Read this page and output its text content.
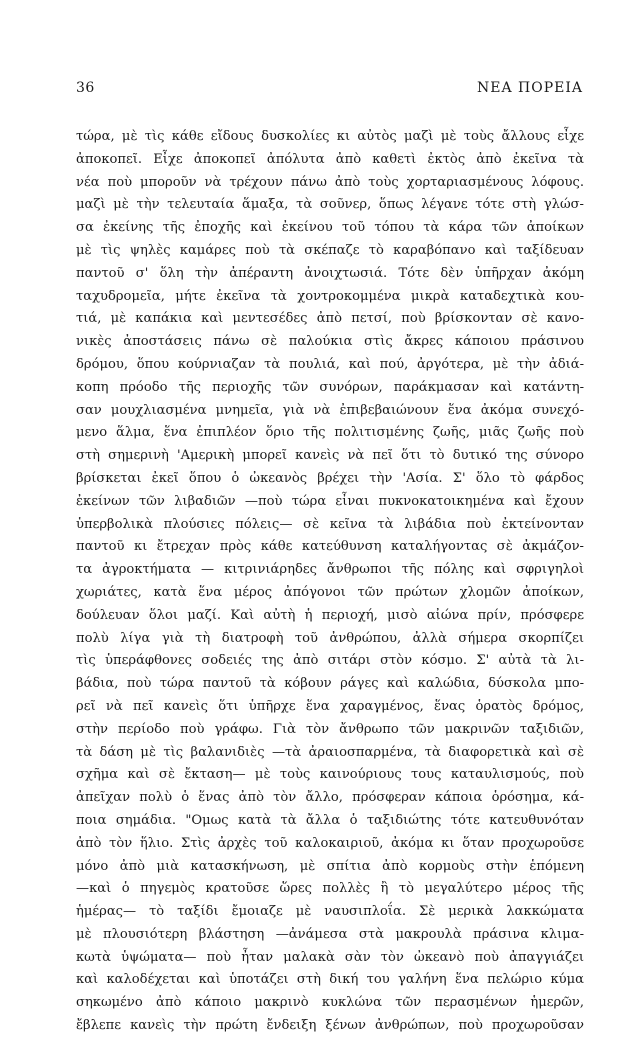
36	ΝΕΑ ΠΟΡΕΙΑ
τώρα, μὲ τὶς κάθε εἴδους δυσκολίες κι αὐτὸς μαζὶ μὲ τοὺς ἄλλους εἶχε
ἀποκοπεῖ. Εἶχε ἀποκοπεῖ ἀπόλυτα ἀπὸ καθετὶ ἐκτὸς ἀπὸ ἐκεῖνα τὰ
νέα ποὺ μποροῦν νὰ τρέχουν πάνω ἀπὸ τοὺς χορταριασμένους λόφους.
μαζὶ μὲ τὴν τελευταία ἅμαξα, τὰ σοῦνερ, ὅπως λέγανε τότε στὴ γλώσ-
σα ἐκείνης τῆς ἐποχῆς καὶ ἐκείνου τοῦ τόπου τὰ κάρα τῶν ἀποίκων
μὲ τὶς ψηλὲς καμάρες ποὺ τὰ σκέπαζε τὸ καραβόπανο καὶ ταξίδευαν
παντοῦ σ' ὅλη τὴν ἀπέραντη ἀνοιχτωσιά. Τότε δὲν ὑπῆρχαν ἀκόμη
ταχυδρομεῖα, μήτε ἐκεῖνα τὰ χοντροκομμένα μικρὰ καταδεχτικὰ κου-
τιά, μὲ καπάκια καὶ μεντεσέδες ἀπὸ πετσί, ποὺ βρίσκονταν σὲ κανο-
νικὲς ἀποστάσεις πάνω σὲ παλούκια στὶς ἄκρες κάποιου πράσινου
δρόμου, ὅπου κούρνιαζαν τὰ πουλιά, καὶ πού, ἀργότερα, μὲ τὴν ἀδιά-
κοπη πρόοδο τῆς περιοχῆς τῶν συνόρων, παράκμασαν καὶ κατάντη-
σαν μουχλιασμένα μνημεῖα, γιὰ νὰ ἐπιβεβαιώνουν ἕνα ἀκόμα συνεχό-
μενο ἅλμα, ἕνα ἐπιπλέον ὅριο τῆς πολιτισμένης ζωῆς, μιᾶς ζωῆς ποὺ
στὴ σημερινὴ 'Αμερικὴ μπορεῖ κανεὶς νὰ πεῖ ὅτι τὸ δυτικό της σύνορο
βρίσκεται ἐκεῖ ὅπου ὁ ὠκεανὸς βρέχει τὴν 'Ασία. Σ' ὅλο τὸ φάρδος
ἐκείνων τῶν λιβαδιῶν —ποὺ τώρα εἶναι πυκνοκατοικημένα καὶ ἔχουν
ὑπερβολικὰ πλούσιες πόλεις— σὲ κεῖνα τὰ λιβάδια ποὺ ἐκτείνονταν
παντοῦ κι ἔτρεχαν πρὸς κάθε κατεύθυνση καταλήγοντας σὲ ἀκμάζον-
τα ἀγροκτήματα — κιτρινιάρηδες ἄνθρωποι τῆς πόλης καὶ σφριγηλοὶ
χωριάτες, κατὰ ἕνα μέρος ἀπόγονοι τῶν πρώτων χλομῶν ἀποίκων,
δούλευαν ὅλοι μαζί. Καὶ αὐτὴ ἡ περιοχή, μισὸ αἰώνα πρίν, πρόσφερε
πολὺ λίγα γιὰ τὴ διατροφὴ τοῦ ἀνθρώπου, ἀλλὰ σήμερα σκορπίζει
τὶς ὑπεράφθονες σοδειές της ἀπὸ σιτάρι στὸν κόσμο. Σ' αὐτὰ τὰ λι-
βάδια, ποὺ τώρα παντοῦ τὰ κόβουν ράγες καὶ καλώδια, δύσκολα μπο-
ρεῖ νὰ πεῖ κανεὶς ὅτι ὑπῆρχε ἕνα χαραγμένος, ἕνας ὁρατὸς δρόμος,
στὴν περίοδο ποὺ γράφω. Γιὰ τὸν ἄνθρωπο τῶν μακρινῶν ταξιδιῶν,
τὰ δάση μὲ τὶς βαλανιδιὲς —τὰ ἀραιοσπαρμένα, τὰ διαφορετικὰ καὶ σὲ
σχῆμα καὶ σὲ ἔκταση— μὲ τοὺς καινούριους τους καταυλισμούς, ποὺ
ἀπεῖχαν πολὺ ὁ ἕνας ἀπὸ τὸν ἄλλο, πρόσφεραν κάποια ὁρόσημα, κά-
ποια σημάδια. "Ομως κατὰ τὰ ἄλλα ὁ ταξιδιώτης τότε κατευθυνόταν
ἀπὸ τὸν ἥλιο. Στὶς ἀρχὲς τοῦ καλοκαιριοῦ, ἀκόμα κι ὅταν προχωροῦσε
μόνο ἀπὸ μιὰ κατασκήνωση, μὲ σπίτια ἀπὸ κορμοὺς στὴν ἑπόμενη
—καὶ ὁ πηγεμὸς κρατοῦσε ὥρες πολλὲς ἢ τὸ μεγαλύτερο μέρος τῆς
ἡμέρας— τὸ ταξίδι ἔμοιαζε μὲ ναυσιπλοΐα. Σὲ μερικὰ λακκώματα
μὲ πλουσιότερη βλάστηση —ἀνάμεσα στὰ μακρουλὰ πράσινα κλιμα-
κωτὰ ὑψώματα— ποὺ ἦταν μαλακὰ σὰν τὸν ὠκεανὸ ποὺ ἀπαγγιάζει
καὶ καλοδέχεται καὶ ὑποτάζει στὴ δική του γαλήνη ἕνα πελώριο κύμα
σηκωμένο ἀπὸ κάποιο μακρινὸ κυκλώνα τῶν περασμένων ἡμερῶν,
ἔβλεπε κανεὶς τὴν πρώτη ἔνδειξη ξένων ἀνθρώπων, ποὺ προχωροῦσαν
